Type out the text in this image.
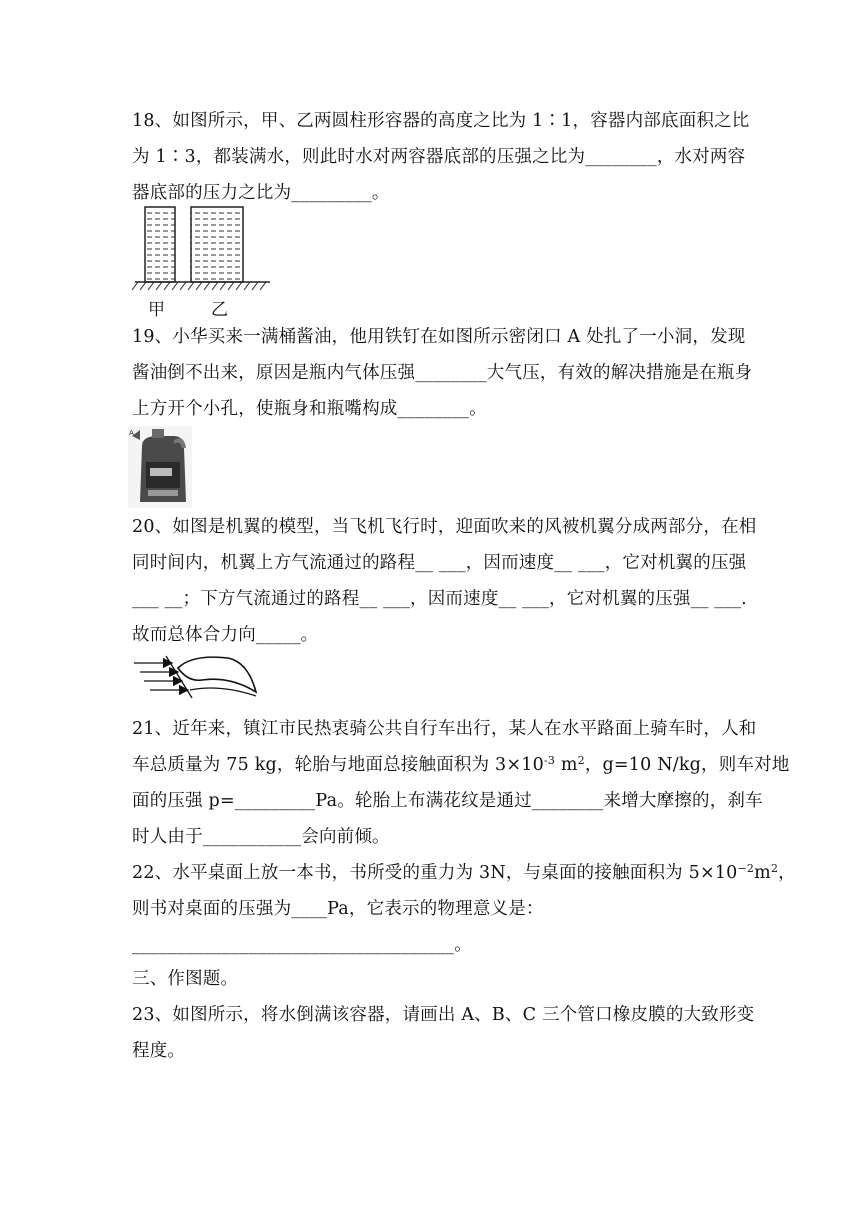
18、如图所示，甲、乙两圆柱形容器的高度之比为 1∶1，容器内部底面积之比
为 1∶3，都装满水，则此时水对两容器底部的压强之比为________，水对两容
器底部的压力之比为_________。
甲	乙
19、小华买来一满桶酱油，他用铁钉在如图所示密闭口 A 处扎了一小洞，发现
酱油倒不出来，原因是瓶内气体压强________大气压，有效的解决措施是在瓶身
上方开个小孔，使瓶身和瓶嘴构成________。
A
20、如图是机翼的模型，当飞机飞行时，迎面吹来的风被机翼分成两部分，在相
同时间内，机翼上方气流通过的路程__ ___，因而速度__ ___，它对机翼的压强
___ __；下方气流通过的路程__ ___，因而速度__ ___，它对机翼的压强__ ___.
故而总体合力向_____。
21、近年来，镇江市民热衷骑公共自行车出行，某人在水平路面上骑车时，人和
车总质量为 75 kg，轮胎与地面总接触面积为 $3\times 10^{-3}$ $m^2$，g=10 N/kg，则车对地
面的压强 p=_________Pa。轮胎上布满花纹是通过________来增大摩擦的，刹车
时人由于___________会向前倾。
22、水平桌面上放一本书，书所受的重力为 3N，与桌面的接触面积为 $5\times 10^{-2}m^2$，
则书对桌面的压强为____Pa，它表示的物理意义是：
____________________________________。
三、作图题。
23、如图所示，将水倒满该容器，请画出 A、B、C 三个管口橡皮膜的大致形变
程度。
